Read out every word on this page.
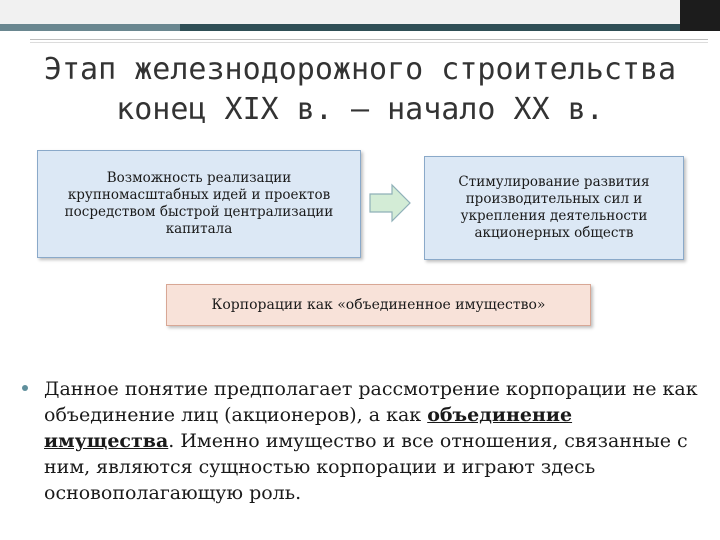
Этап железнодорожного строительства
конец XIX в. – начало XX в.
Возможность реализации крупномасштабных идей и проектов посредством быстрой централизации капитала
Стимулирование развития производительных сил и укрепления деятельности акционерных обществ
Корпорации как «объединенное имущество»
Данное понятие предполагает рассмотрение корпорации не как объединение лиц (акционеров), а как объединение имущества. Именно имущество и все отношения, связанные с ним, являются сущностью корпорации и играют здесь основополагающую роль.
